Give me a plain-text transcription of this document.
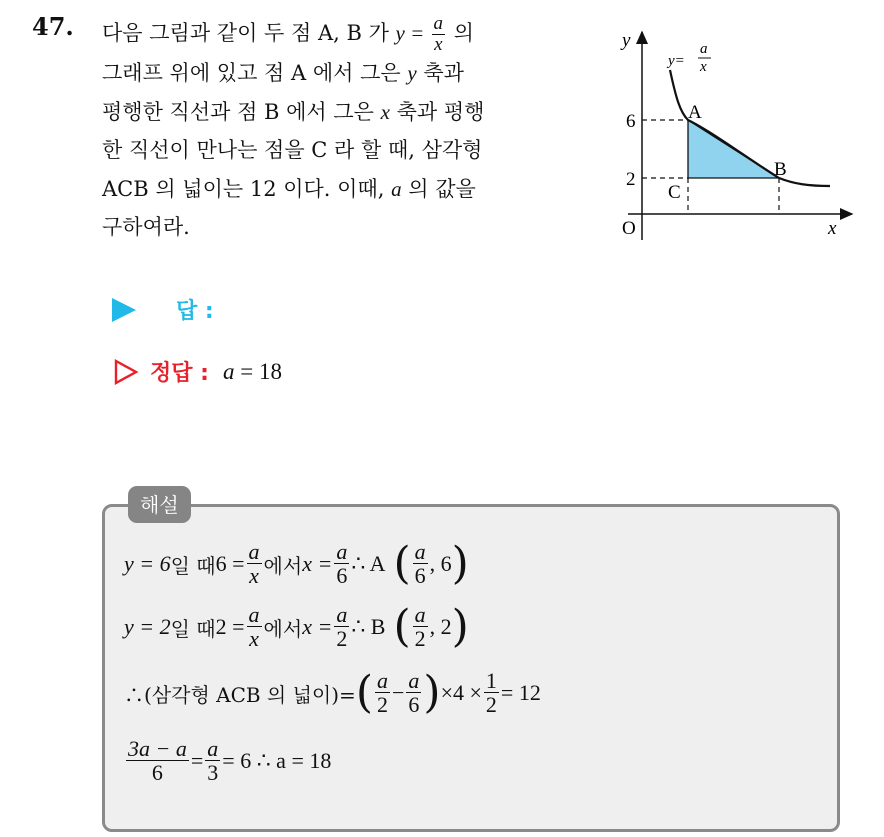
47. 다음 그림과 같이 두 점 A, B 가 $y = \frac{a}{x}$ 의
그래프 위에 있고 점 A 에서 그은 y 축과
평행한 직선과 점 B 에서 그은 x 축과 평행
한 직선이 만나는 점을 C 라 할 때, 삼각형
ACB 의 넓이는 12 이다. 이때, a 의 값을
구하여라.
y
x
O
6
2
A
B
C
y=
a
x
답 :
정답 : a = 18
해설
y = 6 일 때 $6 = \frac{a}{x}$ 에서 $x = \frac{a}{6}$ ∴ A ( $\frac{a}{6}$ , 6 )
y = 2 일 때 $2 = \frac{a}{x}$ 에서 $x = \frac{a}{2}$ ∴ B ( $\frac{a}{2}$ , 2 )
∴(삼각형 ACB 의 넓이)= ( $\frac{a}{2} - \frac{a}{6}$ ) $\times 4 \times \frac{1}{2} = 12$
$\frac{3a - a}{6} = \frac{a}{3} = 6$ ∴ a = 18
